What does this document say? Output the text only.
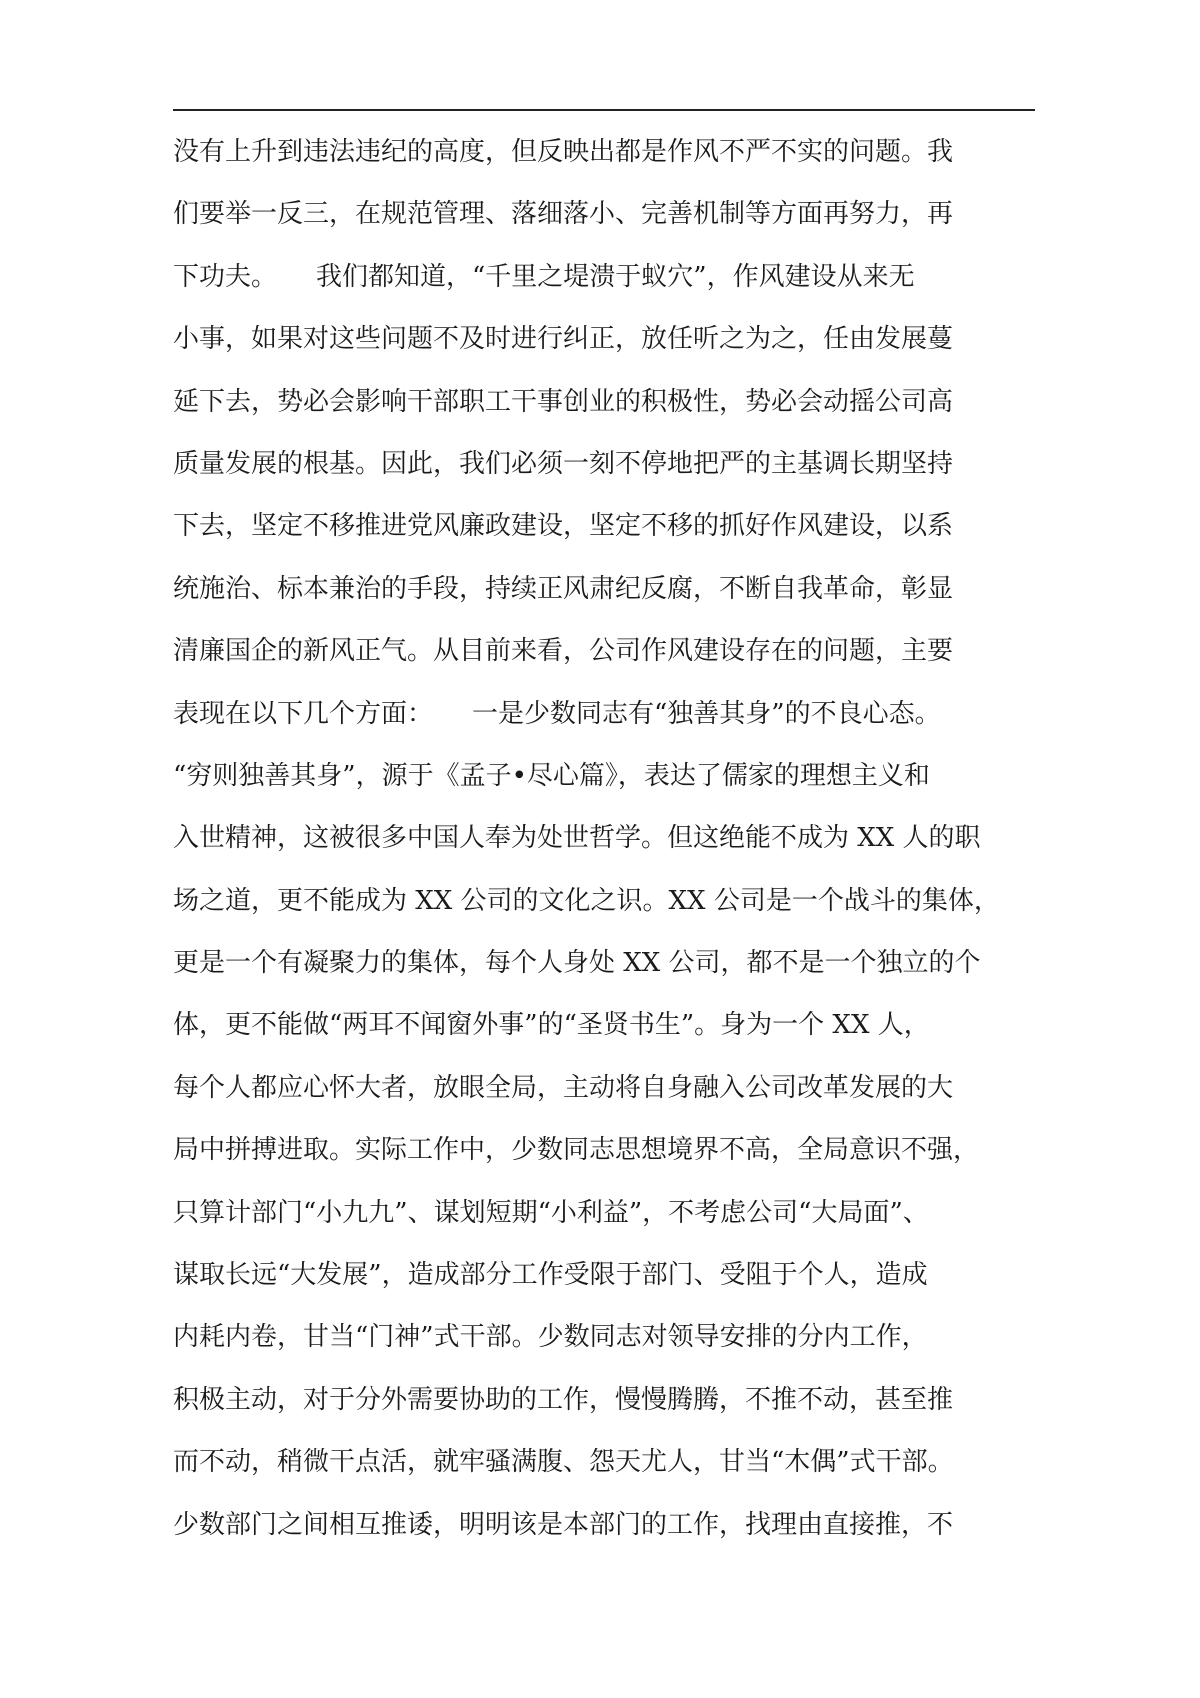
没有上升到违法违纪的高度，但反映出都是作风不严不实的问题。我
们要举一反三，在规范管理、落细落小、完善机制等方面再努力，再
下功夫。　　我们都知道，“千里之堤溃于蚁穴”，作风建设从来无
小事，如果对这些问题不及时进行纠正，放任听之为之，任由发展蔓
延下去，势必会影响干部职工干事创业的积极性，势必会动摇公司高
质量发展的根基。因此，我们必须一刻不停地把严的主基调长期坚持
下去，坚定不移推进党风廉政建设，坚定不移的抓好作风建设，以系
统施治、标本兼治的手段，持续正风肃纪反腐，不断自我革命，彰显
清廉国企的新风正气。从目前来看，公司作风建设存在的问题，主要
表现在以下几个方面：　　一是少数同志有“独善其身”的不良心态。
“穷则独善其身”，源于《孟子•尽心篇》，表达了儒家的理想主义和
入世精神，这被很多中国人奉为处世哲学。但这绝能不成为 XX 人的职
场之道，更不能成为 XX 公司的文化之识。XX 公司是一个战斗的集体，
更是一个有凝聚力的集体，每个人身处 XX 公司，都不是一个独立的个
体，更不能做“两耳不闻窗外事”的“圣贤书生”。身为一个 XX 人，
每个人都应心怀大者，放眼全局，主动将自身融入公司改革发展的大
局中拼搏进取。实际工作中，少数同志思想境界不高，全局意识不强，
只算计部门“小九九”、谋划短期“小利益”，不考虑公司“大局面”、
谋取长远“大发展”，造成部分工作受限于部门、受阻于个人，造成
内耗内卷，甘当“门神”式干部。少数同志对领导安排的分内工作，
积极主动，对于分外需要协助的工作，慢慢腾腾，不推不动，甚至推
而不动，稍微干点活，就牢骚满腹、怨天尤人，甘当“木偶”式干部。
少数部门之间相互推诿，明明该是本部门的工作，找理由直接推，不
